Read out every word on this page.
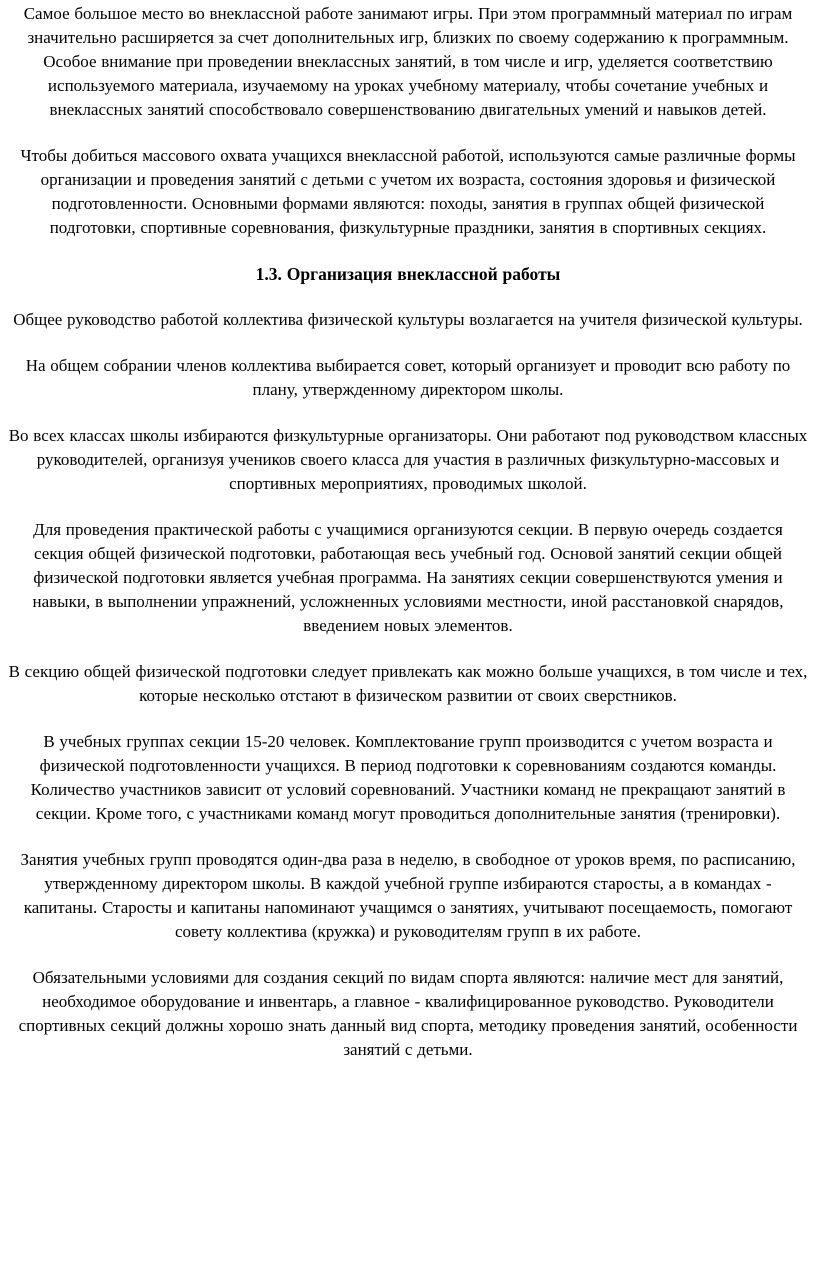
Самое большое место во внеклассной работе занимают игры. При этом программный материал по играм значительно расширяется за счет дополнительных игр, близких по своему содержанию к программным. Особое внимание при проведении внеклассных занятий, в том числе и игр, уделяется соответствию используемого материала, изучаемому на уроках учебному материалу, чтобы сочетание учебных и внеклассных занятий способствовало совершенствованию двигательных умений и навыков детей.

Чтобы добиться массового охвата учащихся внеклассной работой, используются самые различные формы организации и проведения занятий с детьми с учетом их возраста, состояния здоровья и физической подготовленности. Основными формами являются: походы, занятия в группах общей физической подготовки, спортивные соревнования, физкультурные праздники, занятия в спортивных секциях.

1.3. Организация внеклассной работы

Общее руководство работой коллектива физической культуры возлагается на учителя физической культуры.

На общем собрании членов коллектива выбирается совет, который организует и проводит всю работу по плану, утвержденному директором школы.

Во всех классах школы избираются физкультурные организаторы. Они работают под руководством классных руководителей, организуя учеников своего класса для участия в различных физкультурно-массовых и спортивных мероприятиях, проводимых школой.

Для проведения практической работы с учащимися организуются секции. В первую очередь создается секция общей физической подготовки, работающая весь учебный год. Основой занятий секции общей физической подготовки является учебная программа. На занятиях секции совершенствуются умения и навыки, в выполнении упражнений, усложненных условиями местности, иной расстановкой снарядов, введением новых элементов.

В секцию общей физической подготовки следует привлекать как можно больше учащихся, в том числе и тех, которые несколько отстают в физическом развитии от своих сверстников.

В учебных группах секции 15-20 человек. Комплектование групп производится с учетом возраста и физической подготовленности учащихся. В период подготовки к соревнованиям создаются команды. Количество участников зависит от условий соревнований. Участники команд не прекращают занятий в секции. Кроме того, с участниками команд могут проводиться дополнительные занятия (тренировки).

Занятия учебных групп проводятся один-два раза в неделю, в свободное от уроков время, по расписанию, утвержденному директором школы. В каждой учебной группе избираются старосты, а в командах - капитаны. Старосты и капитаны напоминают учащимся о занятиях, учитывают посещаемость, помогают совету коллектива (кружка) и руководителям групп в их работе.

Обязательными условиями для создания секций по видам спорта являются: наличие мест для занятий, необходимое оборудование и инвентарь, а главное - квалифицированное руководство. Руководители спортивных секций должны хорошо знать данный вид спорта, методику проведения занятий, особенности занятий с детьми.
